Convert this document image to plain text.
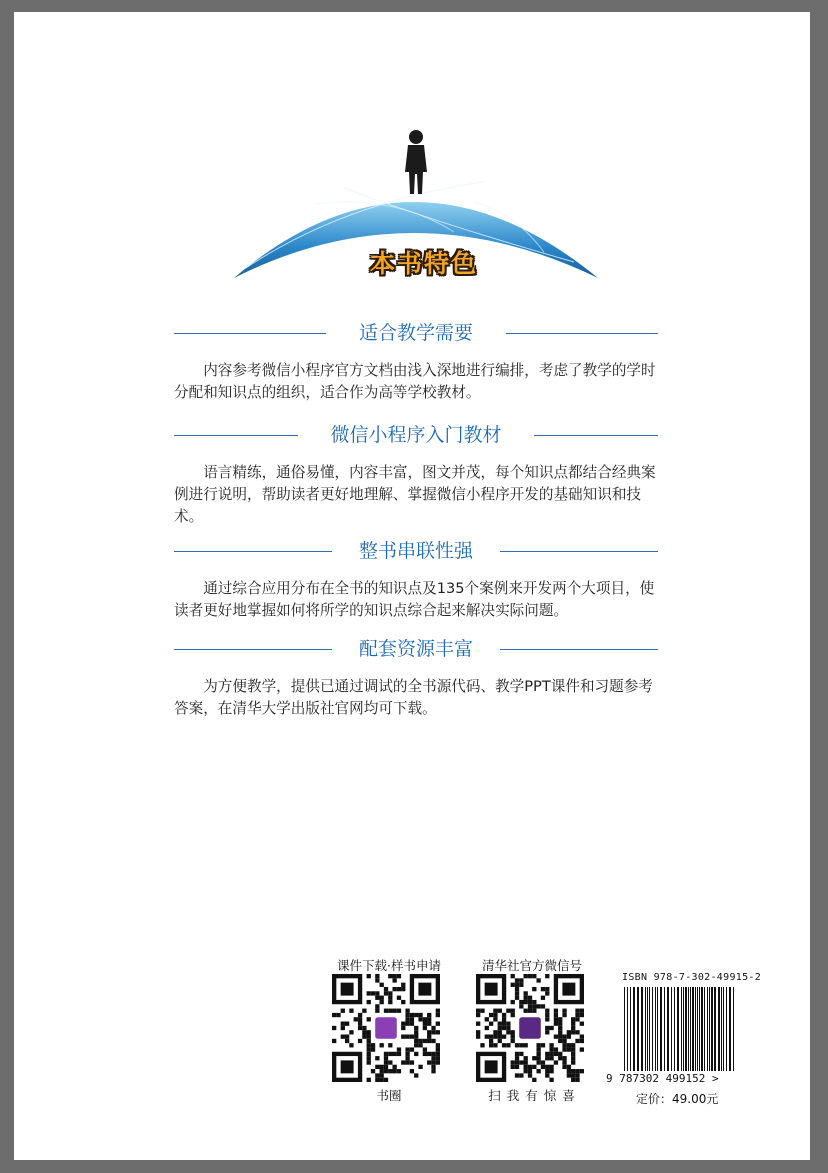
本书特色
适合教学需要
内容参考微信小程序官方文档由浅入深地进行编排，考虑了教学的学时分配和知识点的组织，适合作为高等学校教材。
微信小程序入门教材
语言精练，通俗易懂，内容丰富，图文并茂，每个知识点都结合经典案例进行说明，帮助读者更好地理解、掌握微信小程序开发的基础知识和技术。
整书串联性强
通过综合应用分布在全书的知识点及135个案例来开发两个大项目，使读者更好地掌握如何将所学的知识点综合起来解决实际问题。
配套资源丰富
为方便教学，提供已通过调试的全书源代码、教学PPT课件和习题参考答案，在清华大学出版社官网均可下载。
课件下载·样书申请
书圈
清华社官方微信号
扫 我 有 惊 喜
ISBN 978-7-302-49915-2
9 787302 499152 >
定价：49.00元
